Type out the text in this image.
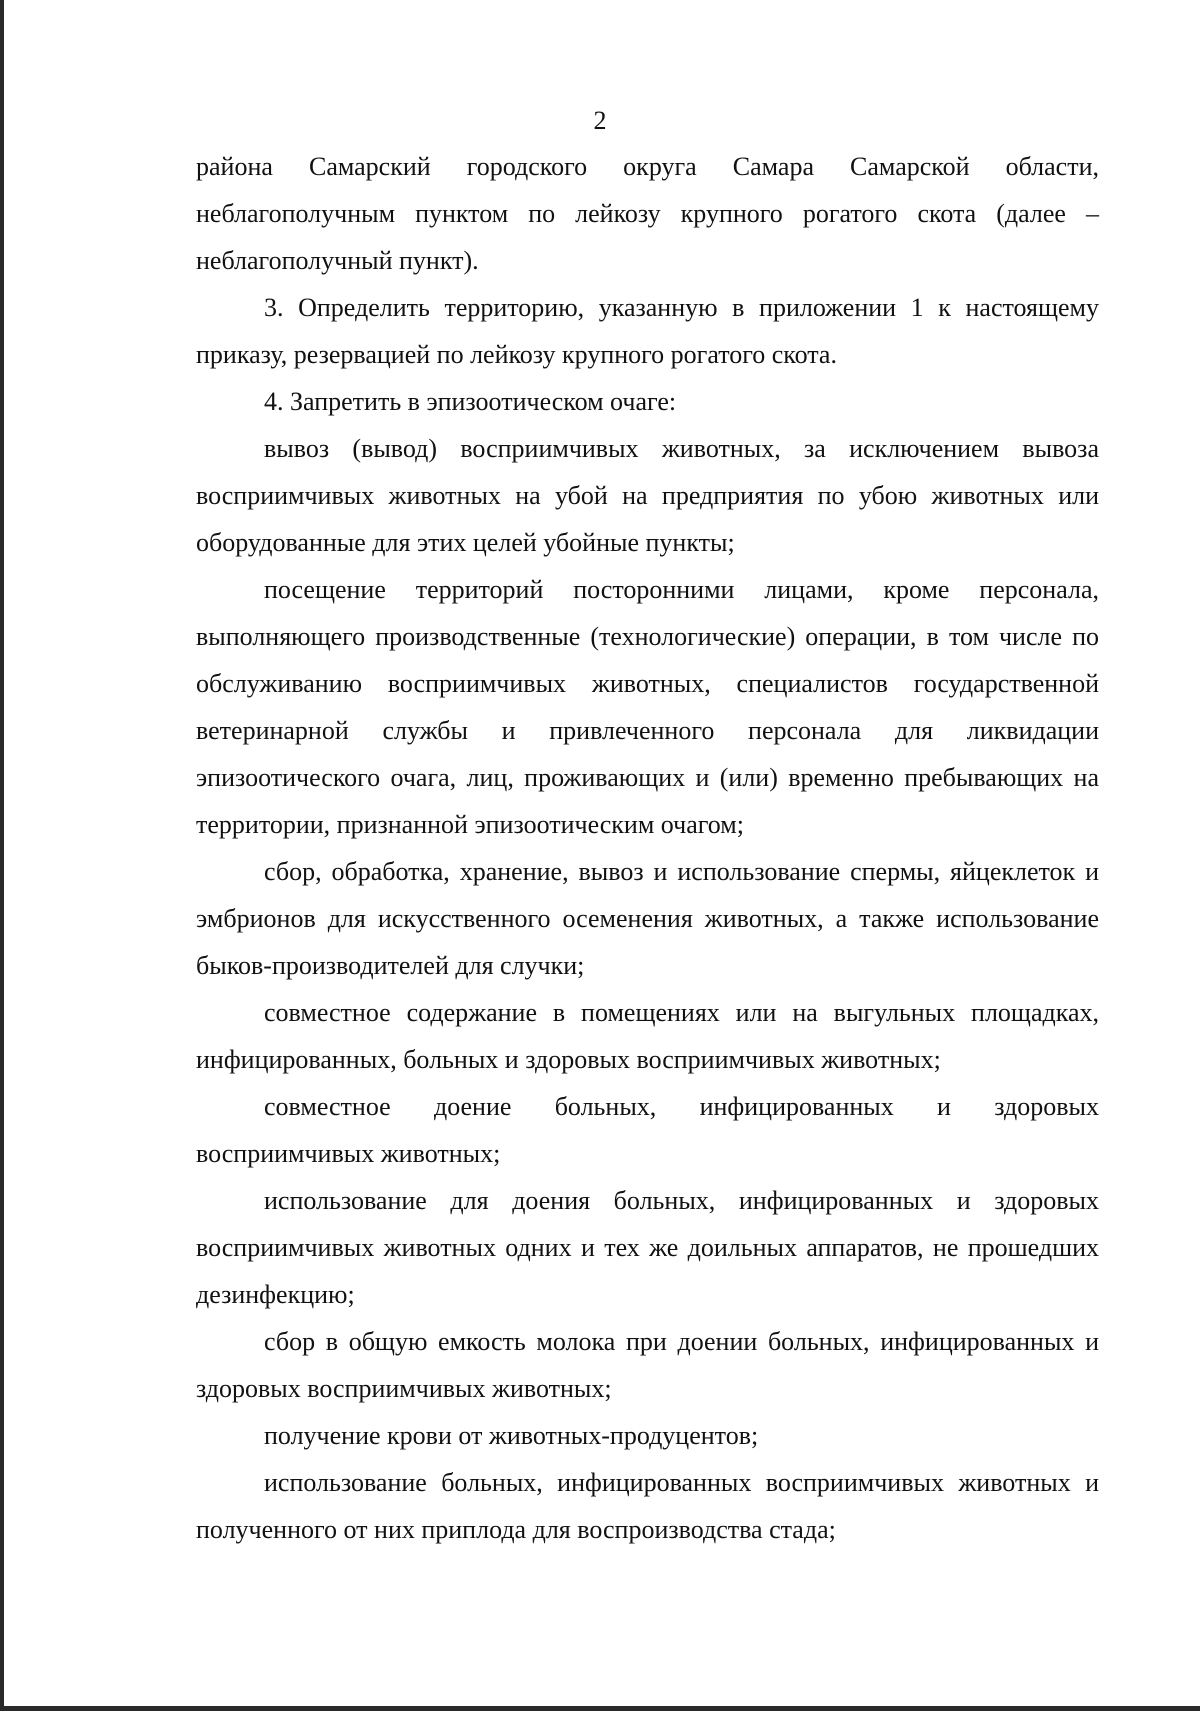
2

района Самарский городского округа Самара Самарской области, неблагополучным пунктом по лейкозу крупного рогатого скота (далее – неблагополучный пункт).

3. Определить территорию, указанную в приложении 1 к настоящему приказу, резервацией по лейкозу крупного рогатого скота.

4. Запретить в эпизоотическом очаге:

вывоз (вывод) восприимчивых животных, за исключением вывоза восприимчивых животных на убой на предприятия по убою животных или оборудованные для этих целей убойные пункты;

посещение территорий посторонними лицами, кроме персонала, выполняющего производственные (технологические) операции, в том числе по обслуживанию восприимчивых животных, специалистов государственной ветеринарной службы и привлеченного персонала для ликвидации эпизоотического очага, лиц, проживающих и (или) временно пребывающих на территории, признанной эпизоотическим очагом;

сбор, обработка, хранение, вывоз и использование спермы, яйцеклеток и эмбрионов для искусственного осеменения животных, а также использование быков-производителей для случки;

совместное содержание в помещениях или на выгульных площадках, инфицированных, больных и здоровых восприимчивых животных;

совместное доение больных, инфицированных и здоровых восприимчивых животных;

использование для доения больных, инфицированных и здоровых восприимчивых животных одних и тех же доильных аппаратов, не прошедших дезинфекцию;

сбор в общую емкость молока при доении больных, инфицированных и здоровых восприимчивых животных;

получение крови от животных-продуцентов;

использование больных, инфицированных восприимчивых животных и полученного от них приплода для воспроизводства стада;
